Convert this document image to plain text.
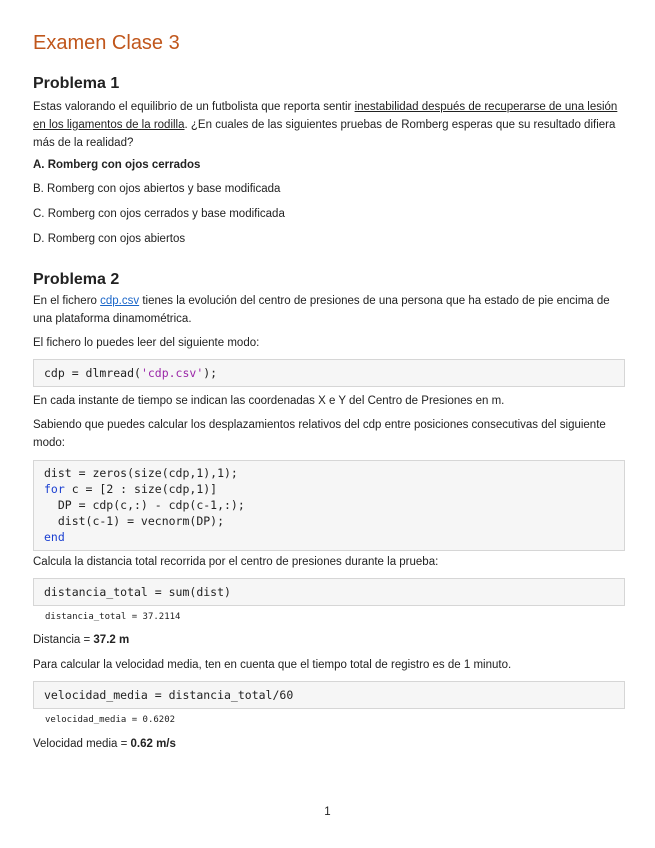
Examen Clase 3
Problema 1
Estas valorando el equilibrio de un futbolista que reporta sentir inestabilidad después de recuperarse de una lesión en los ligamentos de la rodilla. ¿En cuales de las siguientes pruebas de Romberg esperas que su resultado difiera más de la realidad?
A. Romberg con ojos cerrados
B. Romberg con ojos abiertos y base modificada
C. Romberg con ojos cerrados y base modificada
D. Romberg con ojos abiertos
Problema 2
En el fichero cdp.csv tienes la evolución del centro de presiones de una persona que ha estado de pie encima de una plataforma dinamométrica.
El fichero lo puedes leer del siguiente modo:
cdp = dlmread('cdp.csv');
En cada instante de tiempo se indican las coordenadas X e Y del Centro de Presiones en m.
Sabiendo que puedes calcular los desplazamientos relativos del cdp entre posiciones consecutivas del siguiente modo:
dist = zeros(size(cdp,1),1);
for c = [2 : size(cdp,1)]
DP = cdp(c,:) - cdp(c-1,:);
dist(c-1) = vecnorm(DP);
end
Calcula la distancia total recorrida por el centro de presiones durante la prueba:
distancia_total = sum(dist)
distancia_total = 37.2114
Distancia = 37.2 m
Para calcular la velocidad media, ten en cuenta que el tiempo total de registro es de 1 minuto.
velocidad_media = distancia_total/60
velocidad_media = 0.6202
Velocidad media = 0.62 m/s
1
